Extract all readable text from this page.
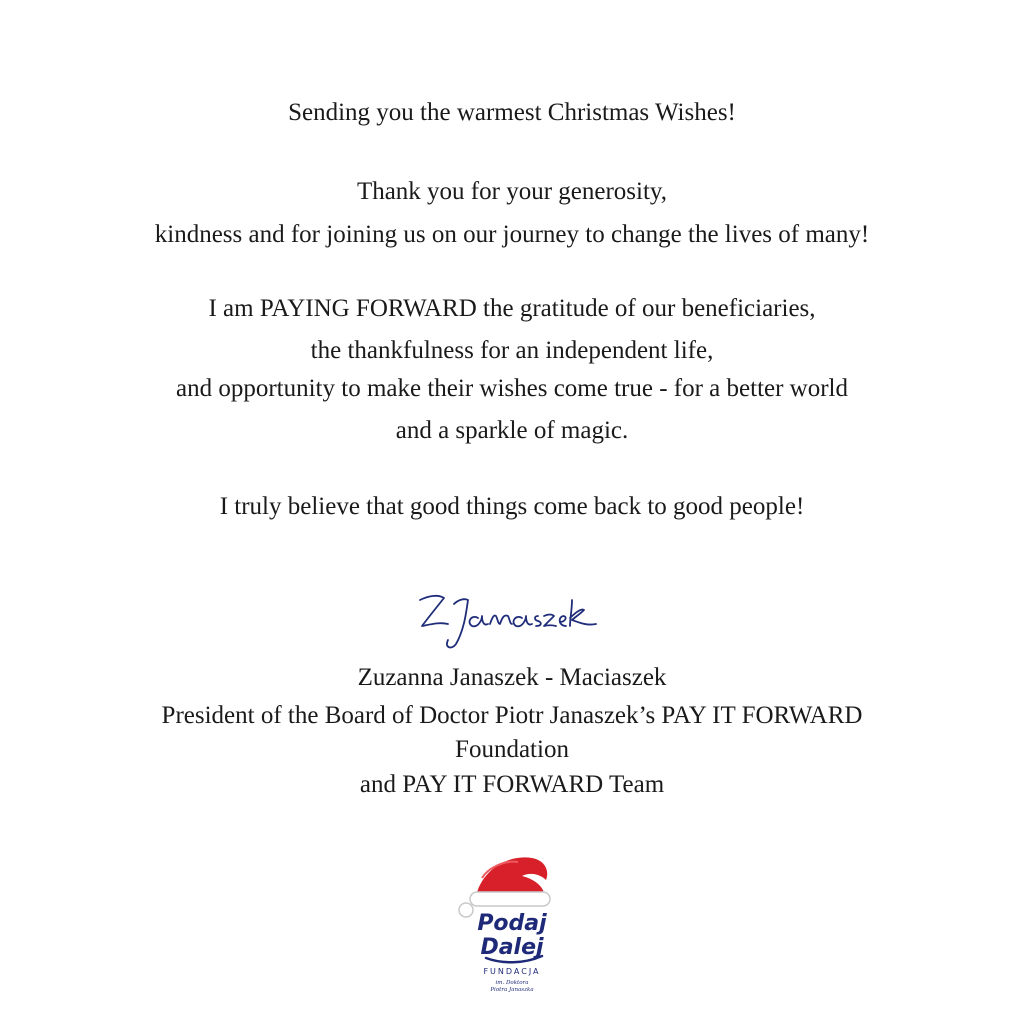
Sending you the warmest Christmas Wishes!
Thank you for your generosity,
kindness and for joining us on our journey to change the lives of many!
I am PAYING FORWARD the gratitude of our beneficiaries,
the thankfulness for an independent life,
and opportunity to make their wishes come true - for a better world
and a sparkle of magic.
I truly believe that good things come back to good people!
Zuzanna Janaszek - Maciaszek
President of the Board of Doctor Piotr Janaszek’s PAY IT FORWARD
Foundation
and PAY IT FORWARD Team
Podaj
Dalej
FUNDACJA
im. Doktora
Piotra Janaszka
